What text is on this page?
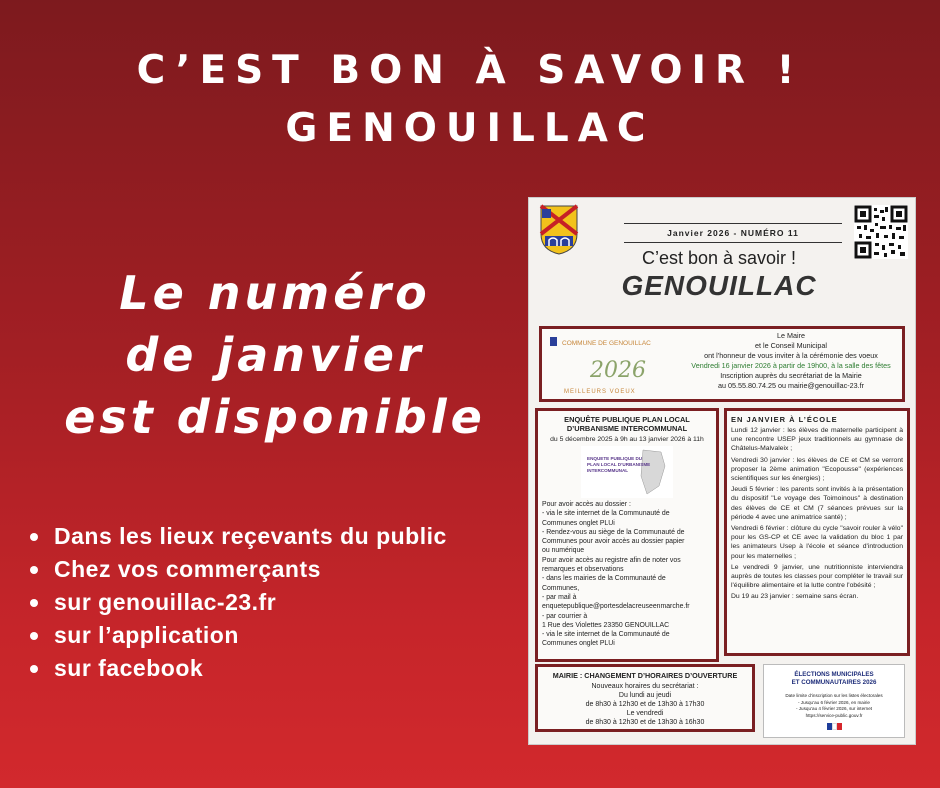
C’EST BON À SAVOIR !
GENOUILLAC
Le numéro
de janvier
est disponible
Dans les lieux reçevants du public
Chez vos commerçants
sur genouillac-23.fr
sur l’application
sur facebook
Janvier 2026 - NUMÉRO 11
C’est bon à savoir !
GENOUILLAC
COMMUNE DE GENOUILLAC
2026
MEILLEURS VOEUX
Le Maire
et le Conseil Municipal
ont l’honneur de vous inviter à la cérémonie des voeux
Vendredi 16 janvier 2026 à partir de 19h00, à la salle des fêtes
Inscription auprès du secrétariat de la Mairie
au 05.55.80.74.25 ou mairie@genouillac-23.fr
ENQUÊTE PUBLIQUE PLAN LOCAL
D’URBANISME INTERCOMMUNAL
du 5 décembre 2025 à 9h au 13 janvier 2026 à 11h
ENQUETE PUBLIQUE DU
PLAN LOCAL D’URBANISME
INTERCOMMUNAL
Pour avoir accès au dossier :
- via le site internet de la Communauté de
Communes onglet PLUi
- Rendez-vous au siège de la Communauté de
Communes pour avoir accès au dossier papier
ou numérique
Pour avoir accès au registre afin de noter vos
remarques et observations
- dans les mairies de la Communauté de
Communes,
- par mail à
enquetepublique@portesdelacreuseenmarche.fr
- par courrier à
1 Rue des Violettes 23350 GENOUILLAC
- via le site internet de la Communauté de
Communes onglet PLUi
EN JANVIER À L’ÉCOLE

Lundi 12 janvier : les élèves de maternelle participent à une rencontre USEP jeux traditionnels au gymnase de Châtelus-Malvaleix ;

Vendredi 30 janvier : les élèves de CE et CM se verront proposer la 2ème animation "Ecopousse" (expériences scientifiques sur les énergies) ;

Jeudi 5 février : les parents sont invités à la présentation du dispositif "Le voyage des Toimoinous" à destination des élèves de CE et CM (7 séances prévues sur la période 4 avec une animatrice santé) ;

Vendredi 6 février : clôture du cycle "savoir rouler à vélo" pour les GS-CP et CE avec la validation du bloc 1 par les animateurs Usep à l'école et séance d'introduction pour les maternelles ;

Le vendredi 9 janvier, une nutritionniste interviendra auprès de toutes les classes pour compléter le travail sur l'équilibre alimentaire et la lutte contre l'obésité ;

Du 19 au 23 janvier : semaine sans écran.

MAIRIE : CHANGEMENT D’HORAIRES D’OUVERTURE
Nouveaux horaires du secrétariat :
Du lundi au jeudi
de 8h30 à 12h30 et de 13h30 à 17h30
Le vendredi
de 8h30 à 12h30 et de 13h30 à 16h30
ÉLECTIONS MUNICIPALES
ET COMMUNAUTAIRES 2026
Date limite d’inscription sur les listes électorales
- Jusqu’au 6 février 2026, en mairie
- Jusqu’au 4 février 2026, sur internet
https://service-public.gouv.fr
